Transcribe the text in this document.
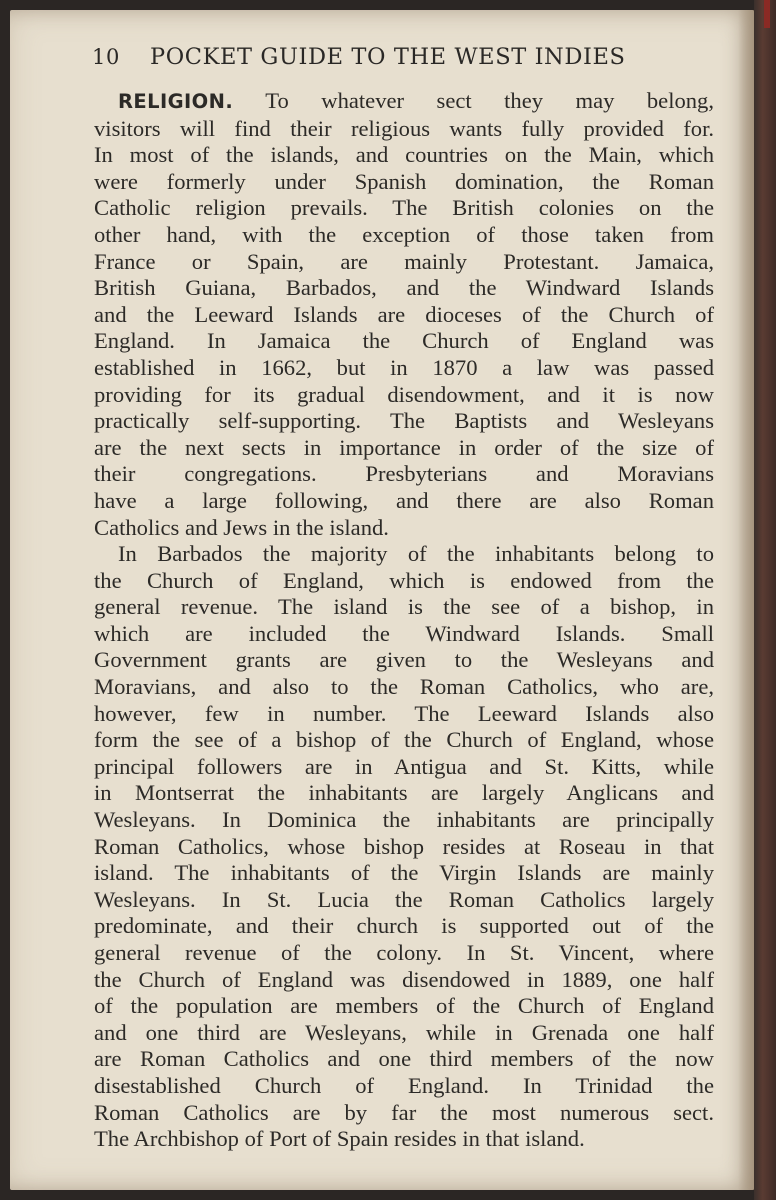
10	POCKET GUIDE TO THE WEST INDIES
RELIGION. To whatever sect they may belong,
visitors will find their religious wants fully provided for.
In most of the islands, and countries on the Main, which
were formerly under Spanish domination, the Roman
Catholic religion prevails. The British colonies on the
other hand, with the exception of those taken from
France or Spain, are mainly Protestant. Jamaica,
British Guiana, Barbados, and the Windward Islands
and the Leeward Islands are dioceses of the Church of
England. In Jamaica the Church of England was
established in 1662, but in 1870 a law was passed
providing for its gradual disendowment, and it is now
practically self-supporting. The Baptists and Wesleyans
are the next sects in importance in order of the size of
their congregations. Presbyterians and Moravians
have a large following, and there are also Roman
Catholics and Jews in the island.
In Barbados the majority of the inhabitants belong to
the Church of England, which is endowed from the
general revenue. The island is the see of a bishop, in
which are included the Windward Islands. Small
Government grants are given to the Wesleyans and
Moravians, and also to the Roman Catholics, who are,
however, few in number. The Leeward Islands also
form the see of a bishop of the Church of England, whose
principal followers are in Antigua and St. Kitts, while
in Montserrat the inhabitants are largely Anglicans and
Wesleyans. In Dominica the inhabitants are principally
Roman Catholics, whose bishop resides at Roseau in that
island. The inhabitants of the Virgin Islands are mainly
Wesleyans. In St. Lucia the Roman Catholics largely
predominate, and their church is supported out of the
general revenue of the colony. In St. Vincent, where
the Church of England was disendowed in 1889, one half
of the population are members of the Church of England
and one third are Wesleyans, while in Grenada one half
are Roman Catholics and one third members of the now
disestablished Church of England. In Trinidad the
Roman Catholics are by far the most numerous sect.
The Archbishop of Port of Spain resides in that island.
